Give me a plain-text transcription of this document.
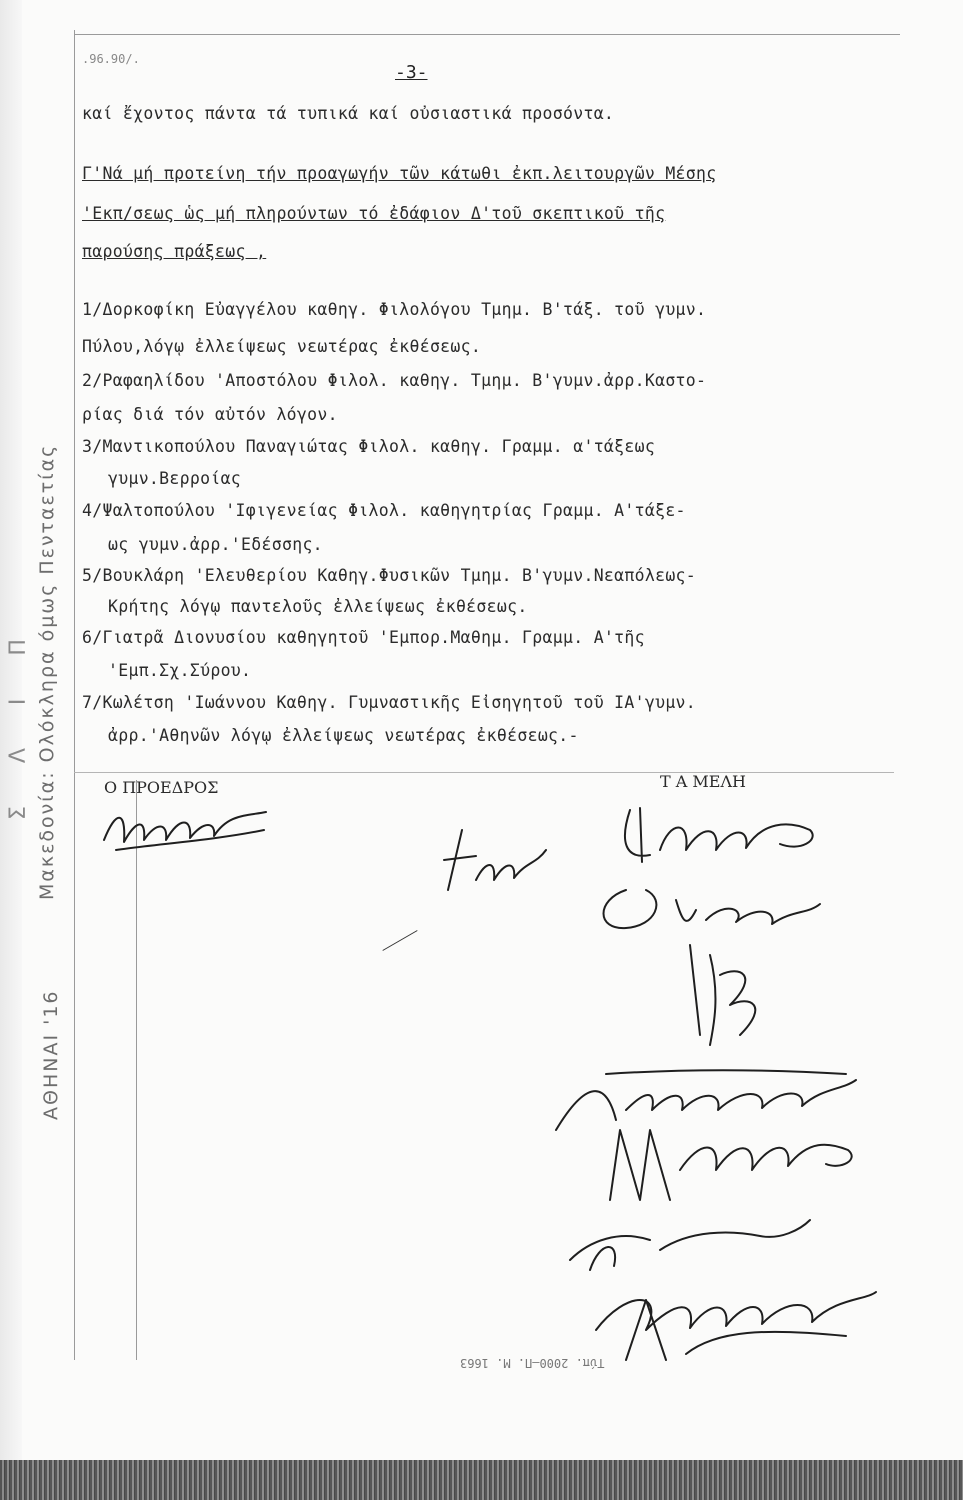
Μακεδονία: Ολόκληρα όμως Πενταετίας
ΑΘΗΝΑΙ '16
Σ Λ Ι Π
.96.90/.
-3-
καί ἔχοντος πάντα τά τυπικά καί οὐσιαστικά προσόντα.
Γ'Νά μή προτείνη τήν προαγωγήν τῶν κάτωθι ἐκπ.λειτουργῶν Μέσης
'Εκπ/σεως ὡς μή πληρούντων τό ἐδάφιον Δ'τοῦ σκεπτικοῦ τῆς
παρούσης πράξεως ,
1/Δορκοφίκη Εὐαγγέλου καθηγ. Φιλολόγου Τμημ. Β'τάξ. τοῦ γυμν.
Πύλου,λόγῳ ἐλλείψεως νεωτέρας ἐκθέσεως.
2/Ραφαηλίδου 'Αποστόλου Φιλολ. καθηγ. Τμημ. Β'γυμν.ἀρρ.Καστο-
ρίας διά τόν αὐτόν λόγον.
3/Μαντικοπούλου Παναγιώτας Φιλολ. καθηγ. Γραμμ. α'τάξεως
γυμν.Βερροίας
4/Ψαλτοπούλου 'Ιφιγενείας Φιλολ. καθηγητρίας Γραμμ. Α'τάξε-
ως γυμν.ἀρρ.'Εδέσσης.
5/Βουκλάρη 'Ελευθερίου Καθηγ.Φυσικῶν Τμημ. Β'γυμν.Νεαπόλεως-
Κρήτης λόγῳ παντελοῦς ἐλλείψεως ἐκθέσεως.
6/Γιατρᾶ Διονυσίου καθηγητοῦ 'Εμπορ.Μαθημ. Γραμμ. Α'τῆς
'Εμπ.Σχ.Σύρου.
7/Κωλέτση 'Ιωάννου Καθηγ. Γυμναστικῆς Εἰσηγητοῦ τοῦ ΙΑ'γυμν.
ἀρρ.'Αθηνῶν λόγῳ ἐλλείψεως νεωτέρας ἐκθέσεως.-
Ο ΠΡΟΕΔΡΟΣ	Τ Α ΜΕΛΗ
Τύπ. 2000—Π. Μ. 1663
